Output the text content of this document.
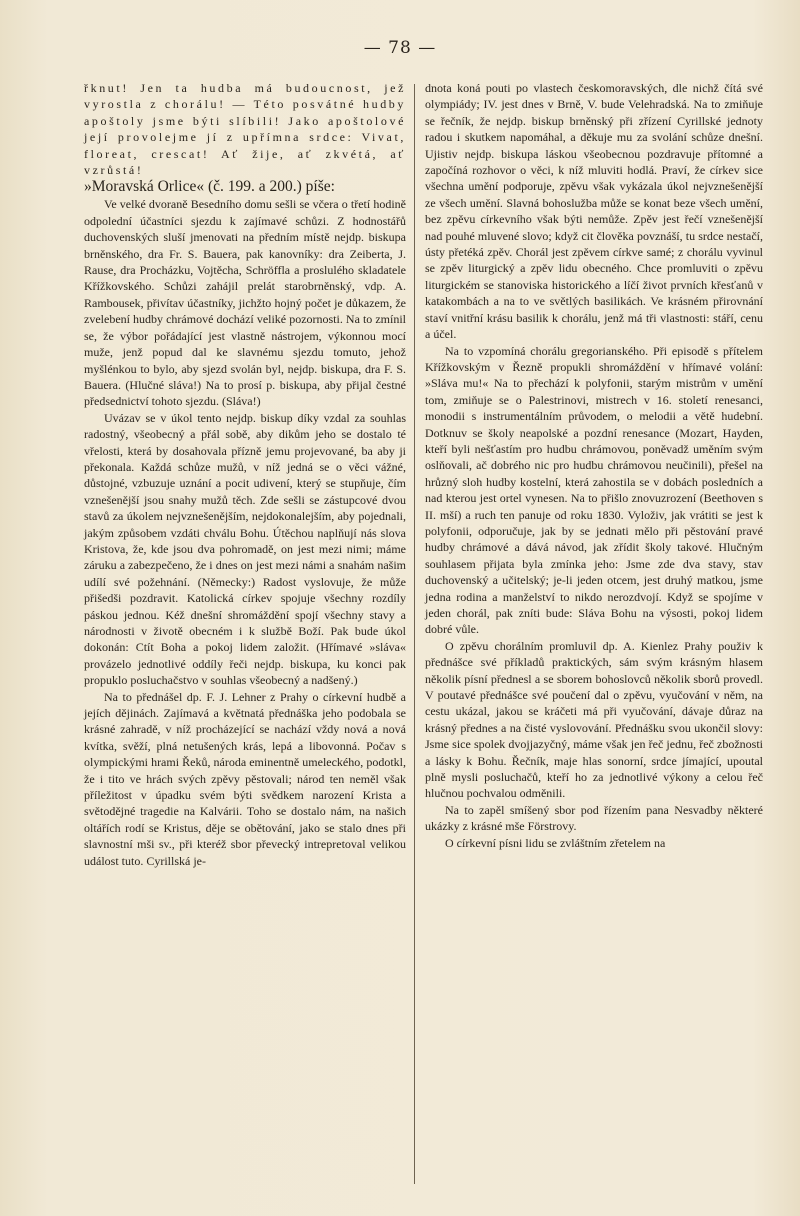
— 78 —

řknut! Jen ta hudba má budoucnost, jež vyrostla z chorálu! — Této posvátné hudby apoštoly jsme býti slíbili! Jako apoštolové její provolejme jí z upřímna srdce: Vivat, floreat, crescat! Ať žije, ať zkvétá, ať vzrůstá!

»Moravská Orlice« (č. 199. a 200.) píše:

Ve velké dvoraně Besedního domu sešli se včera o třetí hodině odpolední účastníci sjezdu k zajímavé schůzi. Z hodnostářů duchovenských sluší jmenovati na předním místě nejdp. biskupa brněnského, dra Fr. S. Bauera, pak kanovníky: dra Zeiberta, J. Rause, dra Procházku, Vojtěcha, Schröffla a proslulého skladatele Křížkovského. Schůzi zahájil prelát starobrněnský, vdp. A. Rambousek, přivítav účastníky, jichžto hojný počet je důkazem, že zvelebení hudby chrámové dochází veliké pozornosti. Na to zmínil se, že výbor pořádající jest vlastně nástrojem, výkonnou mocí muže, jenž popud dal ke slavnému sjezdu tomuto, jehož myšlénkou to bylo, aby sjezd svolán byl, nejdp. biskupa, dra F. S. Bauera. (Hlučné sláva!) Na to prosí p. biskupa, aby přijal čestné předsednictví tohoto sjezdu. (Sláva!)

Uvázav se v úkol tento nejdp. biskup díky vzdal za souhlas radostný, všeobecný a přál sobě, aby dikům jeho se dostalo té vřelosti, která by dosahovala přízně jemu projevované, ba aby ji překonala. Každá schůze mužů, v níž jedná se o věci vážné, důstojné, vzbuzuje uznání a pocit udivení, který se stupňuje, čím vznešenější jsou snahy mužů těch. Zde sešli se zástupcové dvou stavů za úkolem nejvznešenějším, nejdokonalejším, aby pojednali, jakým způsobem vzdáti chválu Bohu. Útěchou naplňují nás slova Kristova, že, kde jsou dva pohromadě, on jest mezi nimi; máme záruku a zabezpečeno, že i dnes on jest mezi námi a snahám našim udílí své požehnání. (Německy:) Radost vyslovuje, že může přišedši pozdravit. Katolická církev spojuje všechny rozdíly páskou jednou. Kéž dnešní shromáždění spojí všechny stavy a národnosti v životě obecném i k službě Boží. Pak bude úkol dokonán: Ctít Boha a pokoj lidem založit. (Hřímavé »sláva« provázelo jednotlivé oddíly řeči nejdp. biskupa, ku konci pak propuklo posluchačstvo v souhlas všeobecný a nadšený.)

Na to přednášel dp. F. J. Lehner z Prahy o církevní hudbě a jejích dějinách. Zajímavá a květnatá přednáška jeho podobala se krásné zahradě, v níž procházející se nachází vždy nová a nová kvítka, svěží, plná netušených krás, lepá a libovonná. Počav s olympickými hrami Řeků, národa eminentně umeleckého, podotkl, že i tito ve hrách svých zpěvy pěstovali; národ ten neměl však příležitost v úpadku svém býti svědkem narození Krista a světodějné tragedie na Kalvárii. Toho se dostalo nám, na našich oltářích rodí se Kristus, děje se obětování, jako se stalo dnes při slavnostní mši sv., při kteréž sbor převecký intrepretoval velikou událost tuto. Cyrillská je-

dnota koná pouti po vlastech českomoravských, dle nichž čítá své olympiády; IV. jest dnes v Brně, V. bude Velehradská. Na to zmiňuje se řečník, že nejdp. biskup brněnský při zřízení Cyrillské jednoty radou i skutkem napomáhal, a děkuje mu za svolání schůze dnešní. Ujistiv nejdp. biskupa láskou všeobecnou pozdravuje přítomné a započíná rozhovor o věci, k níž mluviti hodlá. Praví, že církev sice všechna umění podporuje, zpěvu však vykázala úkol nejvznešenější ze všech umění. Slavná bohoslužba může se konat beze všech umění, bez zpěvu církevního však býti nemůže. Zpěv jest řečí vznešenější nad pouhé mluvené slovo; když cit člověka povznáší, tu srdce nestačí, ústy přetéká zpěv. Chorál jest zpěvem církve samé; z chorálu vyvinul se zpěv liturgický a zpěv lidu obecného. Chce promluviti o zpěvu liturgickém se stanoviska historického a líčí život prvních křesťanů v katakombách a na to ve světlých basilikách. Ve krásném přirovnání staví vnitřní krásu basilik k chorálu, jenž má tři vlastnosti: stáří, cenu a účel.

Na to vzpomíná chorálu gregorianského. Při episodě s přítelem Křížkovským v Řezně propukli shromáždění v hřímavé volání: »Sláva mu!« Na to přechází k polyfonii, starým mistrům v umění tom, zmiňuje se o Palestrinovi, mistrech v 16. století renesanci, monodii s instrumentálním průvodem, o melodii a větě hudební. Dotknuv se školy neapolské a pozdní renesance (Mozart, Hayden, kteří byli nešťastím pro hudbu chrámovou, poněvadž uměním svým oslňovali, ač dobrého nic pro hudbu chrámovou neučinili), přešel na hrůzný sloh hudby kostelní, která zahostila se v dobách posledních a nad kterou jest ortel vynesen. Na to přišlo znovuzrození (Beethoven s II. mší) a ruch ten panuje od roku 1830. Vyloživ, jak vrátiti se jest k polyfonii, odporučuje, jak by se jednati mělo při pěstování pravé hudby chrámové a dává návod, jak zřídit školy takové. Hlučným souhlasem přijata byla zmínka jeho: Jsme zde dva stavy, stav duchovenský a učitelský; je-li jeden otcem, jest druhý matkou, jsme jedna rodina a manželství to nikdo nerozdvojí. Když se spojíme v jeden chorál, pak zníti bude: Sláva Bohu na výsosti, pokoj lidem dobré vůle.

O zpěvu chorálním promluvil dp. A. Kienlez Prahy použiv k přednášce své příkladů praktických, sám svým krásným hlasem několik písní přednesl a se sborem bohoslovců několik sborů provedl. V poutavé přednášce své poučení dal o zpěvu, vyučování v něm, na cestu ukázal, jakou se kráčeti má při vyučování, dávaje důraz na krásný přednes a na čisté vyslovování. Přednášku svou ukončil slovy: Jsme sice spolek dvojjazyčný, máme však jen řeč jednu, řeč zbožnosti a lásky k Bohu. Řečník, maje hlas sonorní, srdce jímající, upoutal plně mysli posluchačů, kteří ho za jednotlivé výkony a celou řeč hlučnou pochvalou odměnili.

Na to zapěl smíšený sbor pod řízením pana Nesvadby některé ukázky z krásné mše Förstrovy.

O církevní písni lidu se zvláštním zřetelem na
